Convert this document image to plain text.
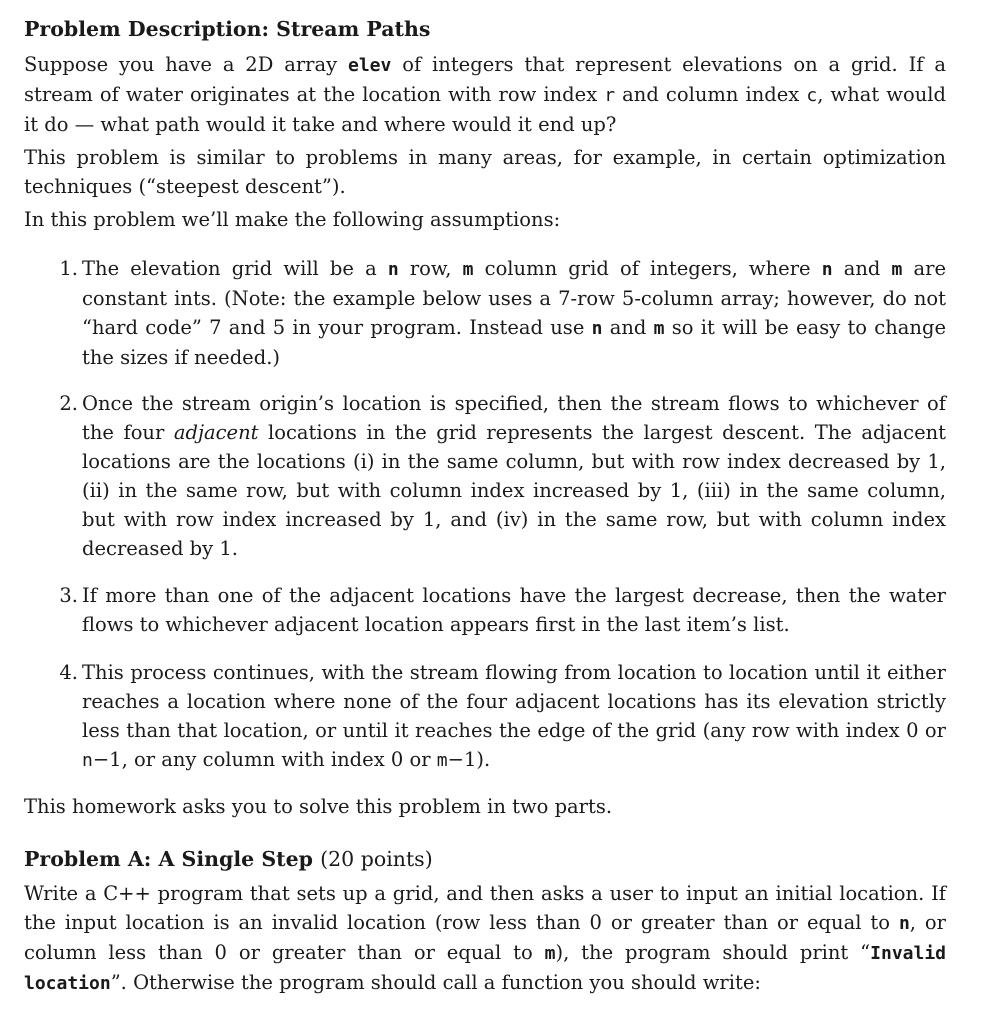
Problem Description: Stream Paths
Suppose you have a 2D array elev of integers that represent elevations on a grid. If a stream of water originates at the location with row index r and column index c, what would it do — what path would it take and where would it end up?
This problem is similar to problems in many areas, for example, in certain optimization techniques (“steepest descent”).
In this problem we’ll make the following assumptions:
1. The elevation grid will be a n row, m column grid of integers, where n and m are constant ints. (Note: the example below uses a 7-row 5-column array; however, do not “hard code” 7 and 5 in your program. Instead use n and m so it will be easy to change the sizes if needed.)
2. Once the stream origin’s location is specified, then the stream flows to whichever of the four adjacent locations in the grid represents the largest descent. The adjacent locations are the locations (i) in the same column, but with row index decreased by 1, (ii) in the same row, but with column index increased by 1, (iii) in the same column, but with row index increased by 1, and (iv) in the same row, but with column index decreased by 1.
3. If more than one of the adjacent locations have the largest decrease, then the water flows to whichever adjacent location appears first in the last item’s list.
4. This process continues, with the stream flowing from location to location until it either reaches a location where none of the four adjacent locations has its elevation strictly less than that location, or until it reaches the edge of the grid (any row with index 0 or n−1, or any column with index 0 or m−1).
This homework asks you to solve this problem in two parts.
Problem A: A Single Step (20 points)
Write a C++ program that sets up a grid, and then asks a user to input an initial location. If the input location is an invalid location (row less than 0 or greater than or equal to n, or column less than 0 or greater than or equal to m), the program should print “Invalid location”. Otherwise the program should call a function you should write:
